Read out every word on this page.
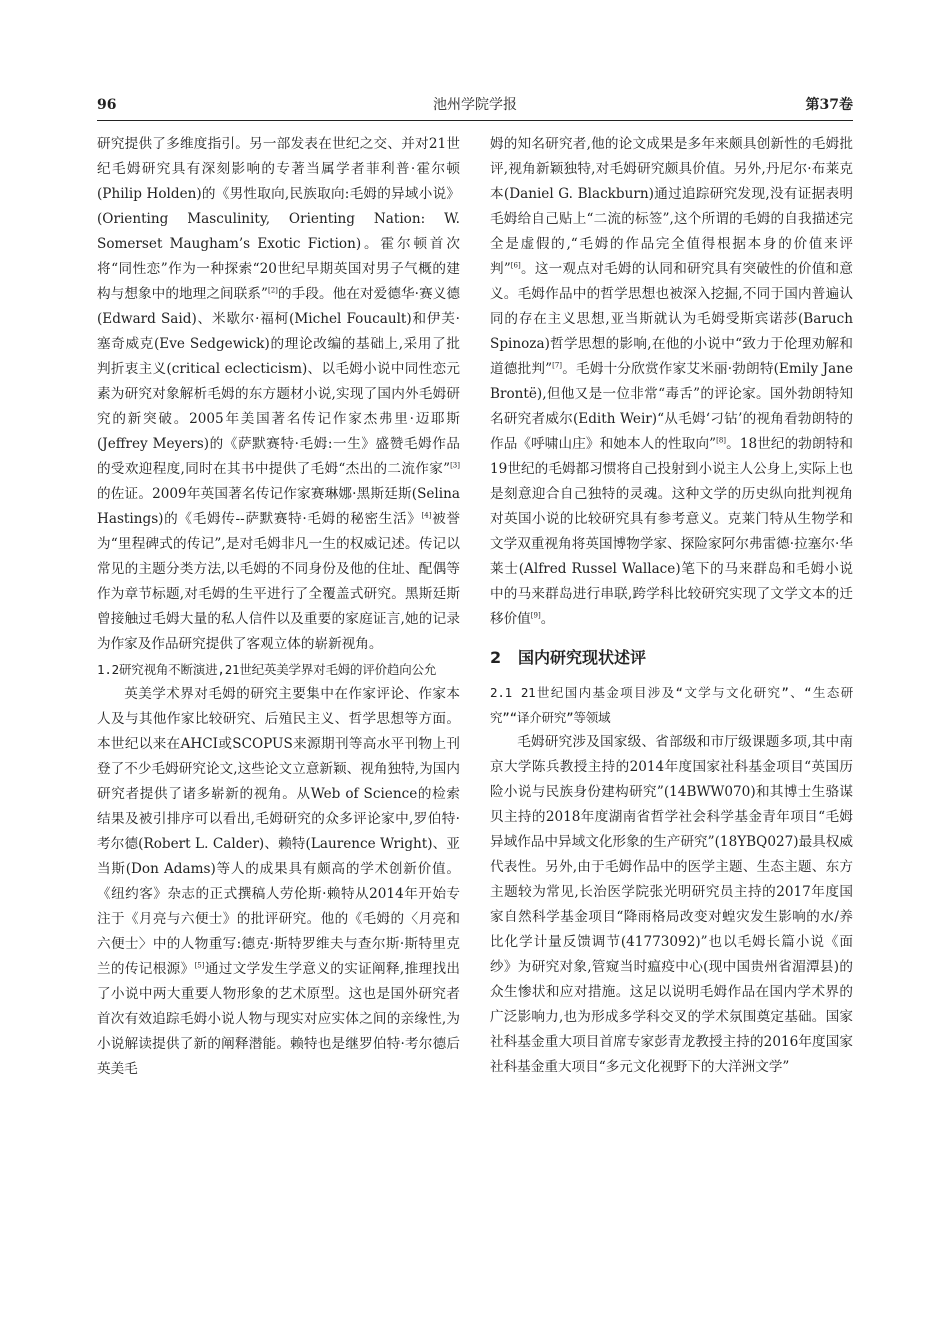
池州学院学报
96	第37卷

研究提供了多维度指引。另一部发表在世纪之交、并对21世纪毛姆研究具有深刻影响的专著当属学者菲利普·霍尔顿(Philip Holden)的《男性取向,民族取向:毛姆的异域小说》(Orienting Masculinity, Orienting Nation: W. Somerset Maugham’s Exotic Fiction)。霍尔顿首次将“同性恋”作为一种探索“20世纪早期英国对男子气概的建构与想象中的地理之间联系”[2]的手段。他在对爱德华·赛义德(Edward Said)、米歇尔·福柯(Michel Foucault)和伊芙·塞奇威克(Eve Sedgewick)的理论改编的基础上,采用了批判折衷主义(critical eclecticism)、以毛姆小说中同性恋元素为研究对象解析毛姆的东方题材小说,实现了国内外毛姆研究的新突破。2005年美国著名传记作家杰弗里·迈耶斯(Jeffrey Meyers)的《萨默赛特·毛姆:一生》盛赞毛姆作品的受欢迎程度,同时在其书中提供了毛姆“杰出的二流作家”[3]的佐证。2009年英国著名传记作家赛琳娜·黑斯廷斯(Selina Hastings)的《毛姆传--萨默赛特·毛姆的秘密生活》[4]被誉为“里程碑式的传记”,是对毛姆非凡一生的权威记述。传记以常见的主题分类方法,以毛姆的不同身份及他的住址、配偶等作为章节标题,对毛姆的生平进行了全覆盖式研究。黑斯廷斯曾接触过毛姆大量的私人信件以及重要的家庭证言,她的记录为作家及作品研究提供了客观立体的崭新视角。

1.2研究视角不断演进,21世纪英美学界对毛姆的评价趋向公允

英美学术界对毛姆的研究主要集中在作家评论、作家本人及与其他作家比较研究、后殖民主义、哲学思想等方面。本世纪以来在AHCI或SCOPUS来源期刊等高水平刊物上刊登了不少毛姆研究论文,这些论文立意新颖、视角独特,为国内研究者提供了诸多崭新的视角。从Web of Science的检索结果及被引排序可以看出,毛姆研究的众多评论家中,罗伯特·考尔德(Robert L. Calder)、赖特(Laurence Wright)、亚当斯(Don Adams)等人的成果具有颇高的学术创新价值。《纽约客》杂志的正式撰稿人劳伦斯·赖特从2014年开始专注于《月亮与六便士》的批评研究。他的《毛姆的〈月亮和六便士〉中的人物重写:德克·斯特罗维夫与查尔斯·斯特里克兰的传记根源》[5]通过文学发生学意义的实证阐释,推理找出了小说中两大重要人物形象的艺术原型。这也是国外研究者首次有效追踪毛姆小说人物与现实对应实体之间的亲缘性,为小说解读提供了新的阐释潜能。赖特也是继罗伯特·考尔德后英美毛

姆的知名研究者,他的论文成果是多年来颇具创新性的毛姆批评,视角新颖独特,对毛姆研究颇具价值。另外,丹尼尔·布莱克本(Daniel G. Blackburn)通过追踪研究发现,没有证据表明毛姆给自己贴上“二流的标签”,这个所谓的毛姆的自我描述完全是虚假的,“毛姆的作品完全值得根据本身的价值来评判”[6]。这一观点对毛姆的认同和研究具有突破性的价值和意义。毛姆作品中的哲学思想也被深入挖掘,不同于国内普遍认同的存在主义思想,亚当斯就认为毛姆受斯宾诺莎(Baruch Spinoza)哲学思想的影响,在他的小说中“致力于伦理劝解和道德批判”[7]。毛姆十分欣赏作家艾米丽·勃朗特(Emily Jane Brontë),但他又是一位非常“毒舌”的评论家。国外勃朗特知名研究者威尔(Edith Weir)“从毛姆‘刁钻’的视角看勃朗特的作品《呼啸山庄》和她本人的性取向”[8]。18世纪的勃朗特和19世纪的毛姆都习惯将自己投射到小说主人公身上,实际上也是刻意迎合自己独特的灵魂。这种文学的历史纵向批判视角对英国小说的比较研究具有参考意义。克莱门特从生物学和文学双重视角将英国博物学家、探险家阿尔弗雷德·拉塞尔·华莱士(Alfred Russel Wallace)笔下的马来群岛和毛姆小说中的马来群岛进行串联,跨学科比较研究实现了文学文本的迁移价值[9]。

2 国内研究现状述评

2.1 21世纪国内基金项目涉及“文学与文化研究”、“生态研究”“译介研究”等领域

毛姆研究涉及国家级、省部级和市厅级课题多项,其中南京大学陈兵教授主持的2014年度国家社科基金项目“英国历险小说与民族身份建构研究”(14BWW070)和其博士生骆谋贝主持的2018年度湖南省哲学社会科学基金青年项目“毛姆异域作品中异域文化形象的生产研究”(18YBQ027)最具权威代表性。另外,由于毛姆作品中的医学主题、生态主题、东方主题较为常见,长治医学院张光明研究员主持的2017年度国家自然科学基金项目“降雨格局改变对蝗灾发生影响的水/养比化学计量反馈调节(41773092)”也以毛姆长篇小说《面纱》为研究对象,管窥当时瘟疫中心(现中国贵州省湄潭县)的众生惨状和应对措施。这足以说明毛姆作品在国内学术界的广泛影响力,也为形成多学科交叉的学术氛围奠定基础。国家社科基金重大项目首席专家彭青龙教授主持的2016年度国家社科基金重大项目“多元文化视野下的大洋洲文学”
